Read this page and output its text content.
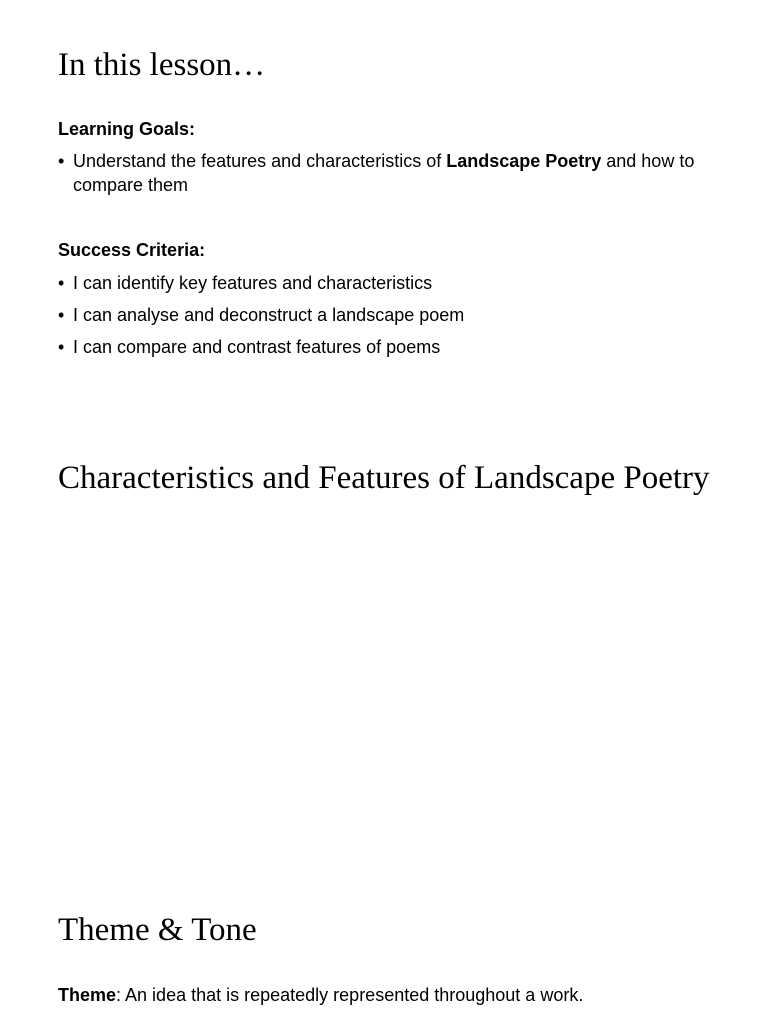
In this lesson…
Learning Goals:
• Understand the features and characteristics of Landscape Poetry and how to compare them
Success Criteria:
• I can identify key features and characteristics
• I can analyse and deconstruct a landscape poem
• I can compare and contrast features of poems
Characteristics and Features of Landscape Poetry
Theme & Tone

Theme: An idea that is repeatedly represented throughout a work.
